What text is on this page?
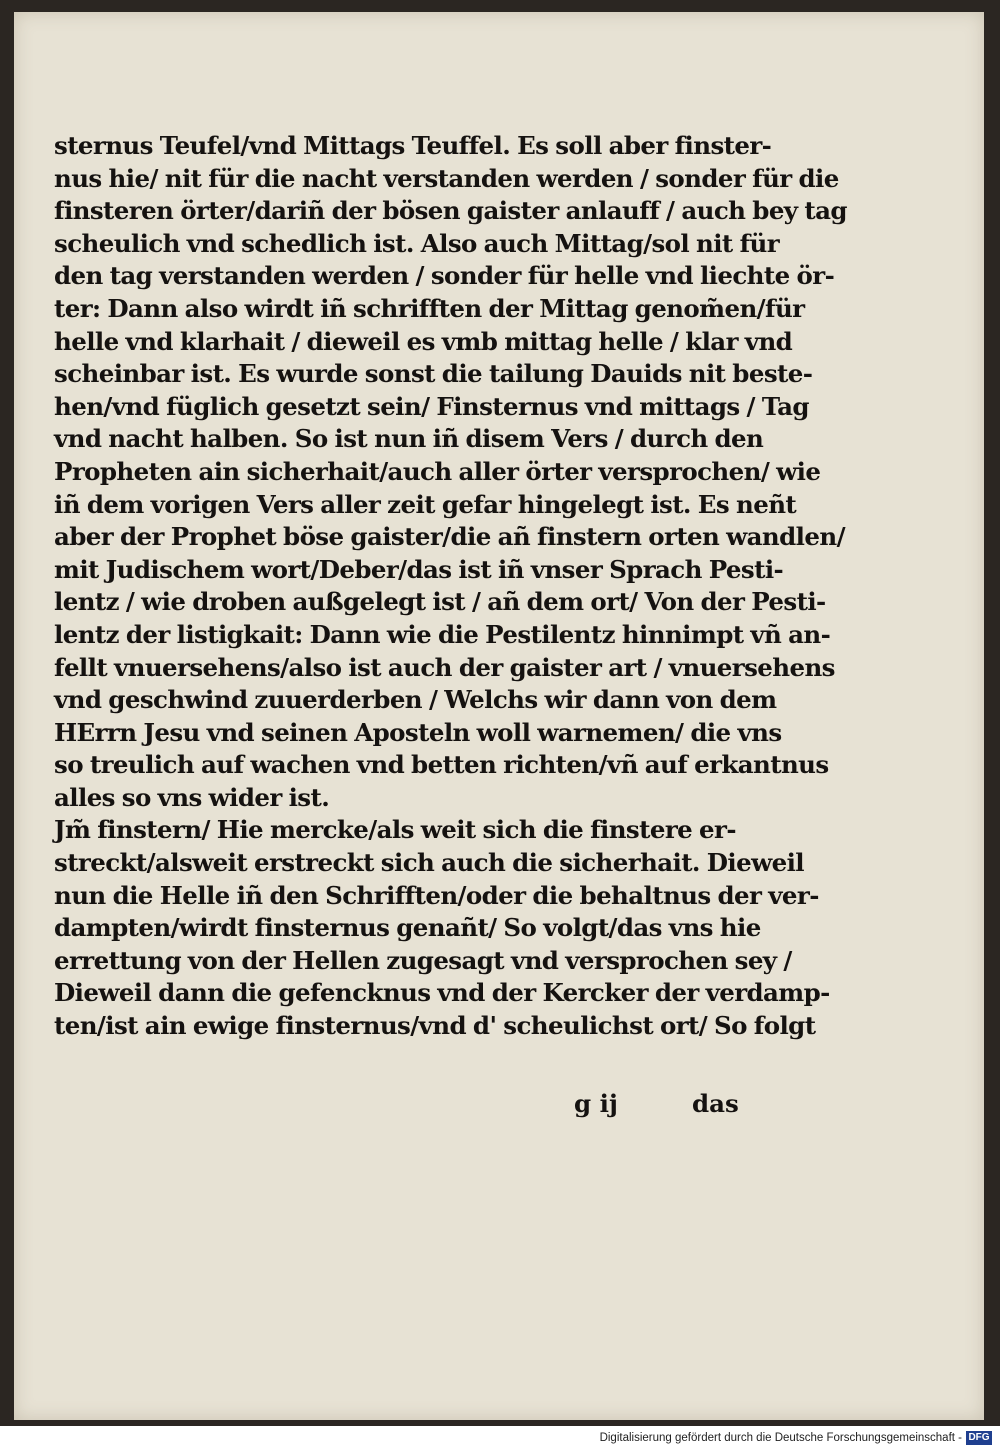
sternus Teufel/vnd Mittags Teuffel. Es soll aber finster-
nus hie/ nit für die nacht verstanden werden / sonder für die
finsteren örter/dariñ der bösen gaister anlauff / auch bey tag
scheulich vnd schedlich ist. Also auch Mittag/sol nit für
den tag verstanden werden / sonder für helle vnd liechte ör-
ter: Dann also wirdt iñ schrifften der Mittag genom̃en/für
helle vnd klarhait / dieweil es vmb mittag helle / klar vnd
scheinbar ist. Es wurde sonst die tailung Dauids nit beste-
hen/vnd füglich gesetzt sein/ Finsternus vnd mittags / Tag
vnd nacht halben. So ist nun iñ disem Vers / durch den
Propheten ain sicherhait/auch aller örter versprochen/ wie
iñ dem vorigen Vers aller zeit gefar hingelegt ist. Es neñt
aber der Prophet böse gaister/die añ finstern orten wandlen/
mit Judischem wort/Deber/das ist iñ vnser Sprach Pesti-
lentz / wie droben außgelegt ist / añ dem ort/ Von der Pesti-
lentz der listigkait: Dann wie die Pestilentz hinnimpt vñ an-
fellt vnuersehens/also ist auch der gaister art / vnuersehens
vnd geschwind zuuerderben / Welchs wir dann von dem
HErrn Jesu vnd seinen Aposteln woll warnemen/ die vns
so treulich auf wachen vnd betten richten/vñ auf erkantnus
alles so vns wider ist.
Jm̃ finstern/ Hie mercke/als weit sich die finstere er-
streckt/alsweit erstreckt sich auch die sicherhait. Dieweil
nun die Helle iñ den Schrifften/oder die behaltnus der ver-
dampten/wirdt finsternus genañt/ So volgt/das vns hie
errettung von der Hellen zugesagt vnd versprochen sey /
Dieweil dann die gefencknus vnd der Kercker der verdamp-
ten/ist ain ewige finsternus/vnd d' scheulichst ort/ So folgt
g ij	das
Digitalisierung gefördert durch die Deutsche Forschungsgemeinschaft - DFG
